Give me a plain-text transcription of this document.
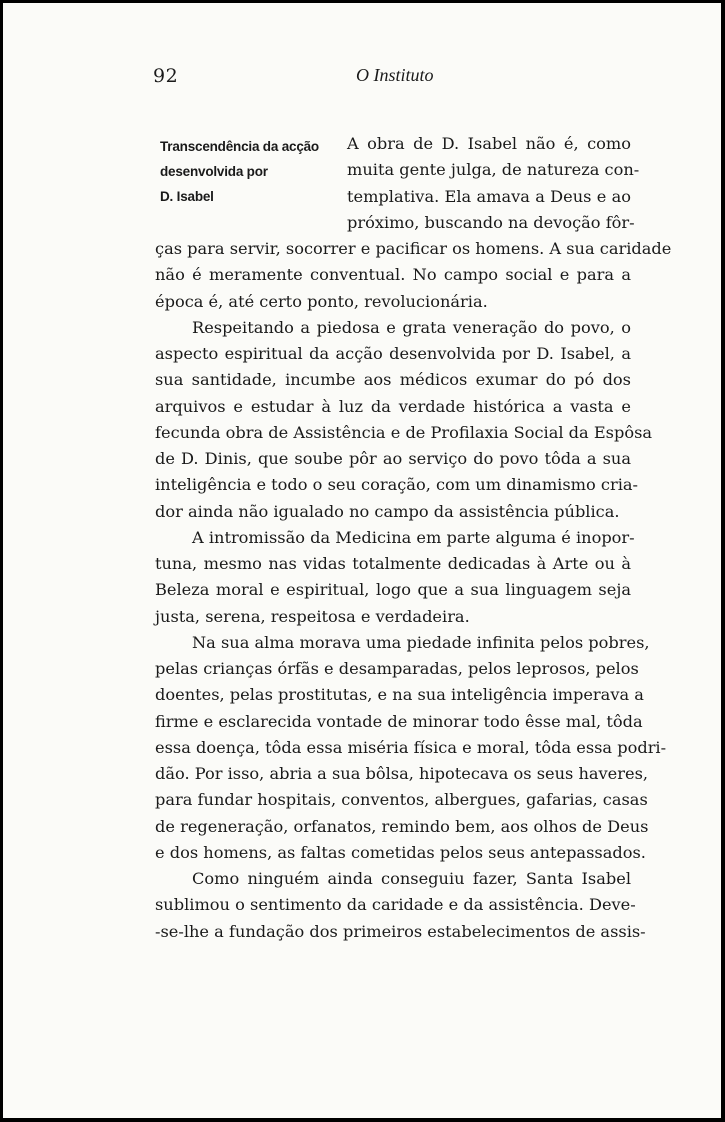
92	O Instituto
Transcendência da acção
desenvolvida por
D. Isabel
A obra de D. Isabel não é, como
muita gente julga, de natureza con-
templativa. Ela amava a Deus e ao
próximo, buscando na devoção fôr-
ças para servir, socorrer e pacificar os homens. A sua caridade
não é meramente conventual. No campo social e para a
época é, até certo ponto, revolucionária.
Respeitando a piedosa e grata veneração do povo, o
aspecto espiritual da acção desenvolvida por D. Isabel, a
sua santidade, incumbe aos médicos exumar do pó dos
arquivos e estudar à luz da verdade histórica a vasta e
fecunda obra de Assistência e de Profilaxia Social da Espôsa
de D. Dinis, que soube pôr ao serviço do povo tôda a sua
inteligência e todo o seu coração, com um dinamismo cria-
dor ainda não igualado no campo da assistência pública.
A intromissão da Medicina em parte alguma é inopor-
tuna, mesmo nas vidas totalmente dedicadas à Arte ou à
Beleza moral e espiritual, logo que a sua linguagem seja
justa, serena, respeitosa e verdadeira.
Na sua alma morava uma piedade infinita pelos pobres,
pelas crianças órfãs e desamparadas, pelos leprosos, pelos
doentes, pelas prostitutas, e na sua inteligência imperava a
firme e esclarecida vontade de minorar todo êsse mal, tôda
essa doença, tôda essa miséria física e moral, tôda essa podri-
dão. Por isso, abria a sua bôlsa, hipotecava os seus haveres,
para fundar hospitais, conventos, albergues, gafarias, casas
de regeneração, orfanatos, remindo bem, aos olhos de Deus
e dos homens, as faltas cometidas pelos seus antepassados.
Como ninguém ainda conseguiu fazer, Santa Isabel
sublimou o sentimento da caridade e da assistência. Deve-
-se-lhe a fundação dos primeiros estabelecimentos de assis-
